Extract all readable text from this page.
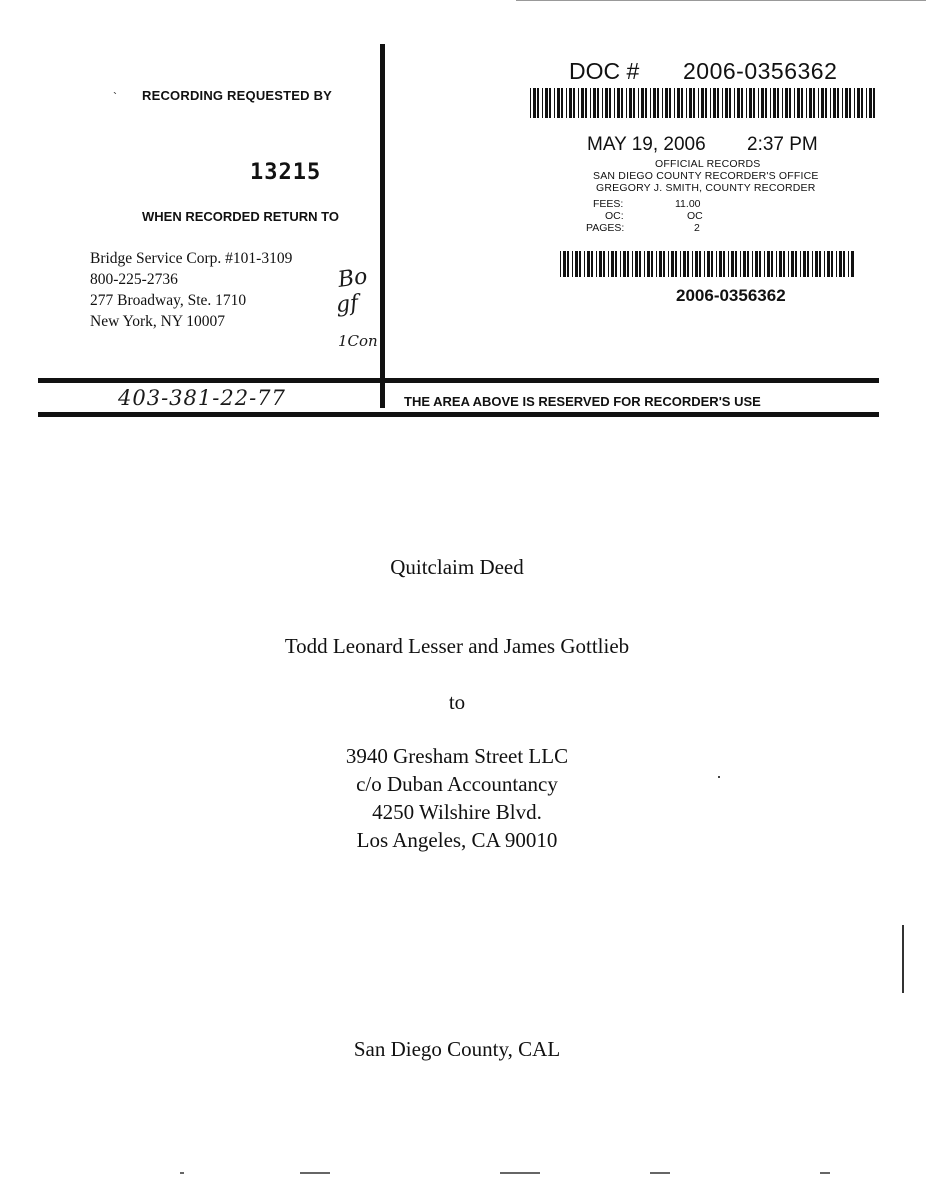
` RECORDING REQUESTED BY
13215
WHEN RECORDED RETURN TO
Bridge Service Corp. #101-3109
800-225-2736
277 Broadway, Ste. 1710
New York, NY 10007
Bo
gf
1Con
403-381-22-77
DOC # 2006-0356362
MAY 19, 2006 2:37 PM
OFFICIAL RECORDS
SAN DIEGO COUNTY RECORDER'S OFFICE
GREGORY J. SMITH, COUNTY RECORDER
FEES:	11.00
OC:	OC
PAGES:	2
2006-0356362
THE AREA ABOVE IS RESERVED FOR RECORDER'S USE
Quitclaim Deed
Todd Leonard Lesser and James Gottlieb
to
3940 Gresham Street LLC
c/o Duban Accountancy
4250 Wilshire Blvd.
Los Angeles, CA 90010
San Diego County, CAL
